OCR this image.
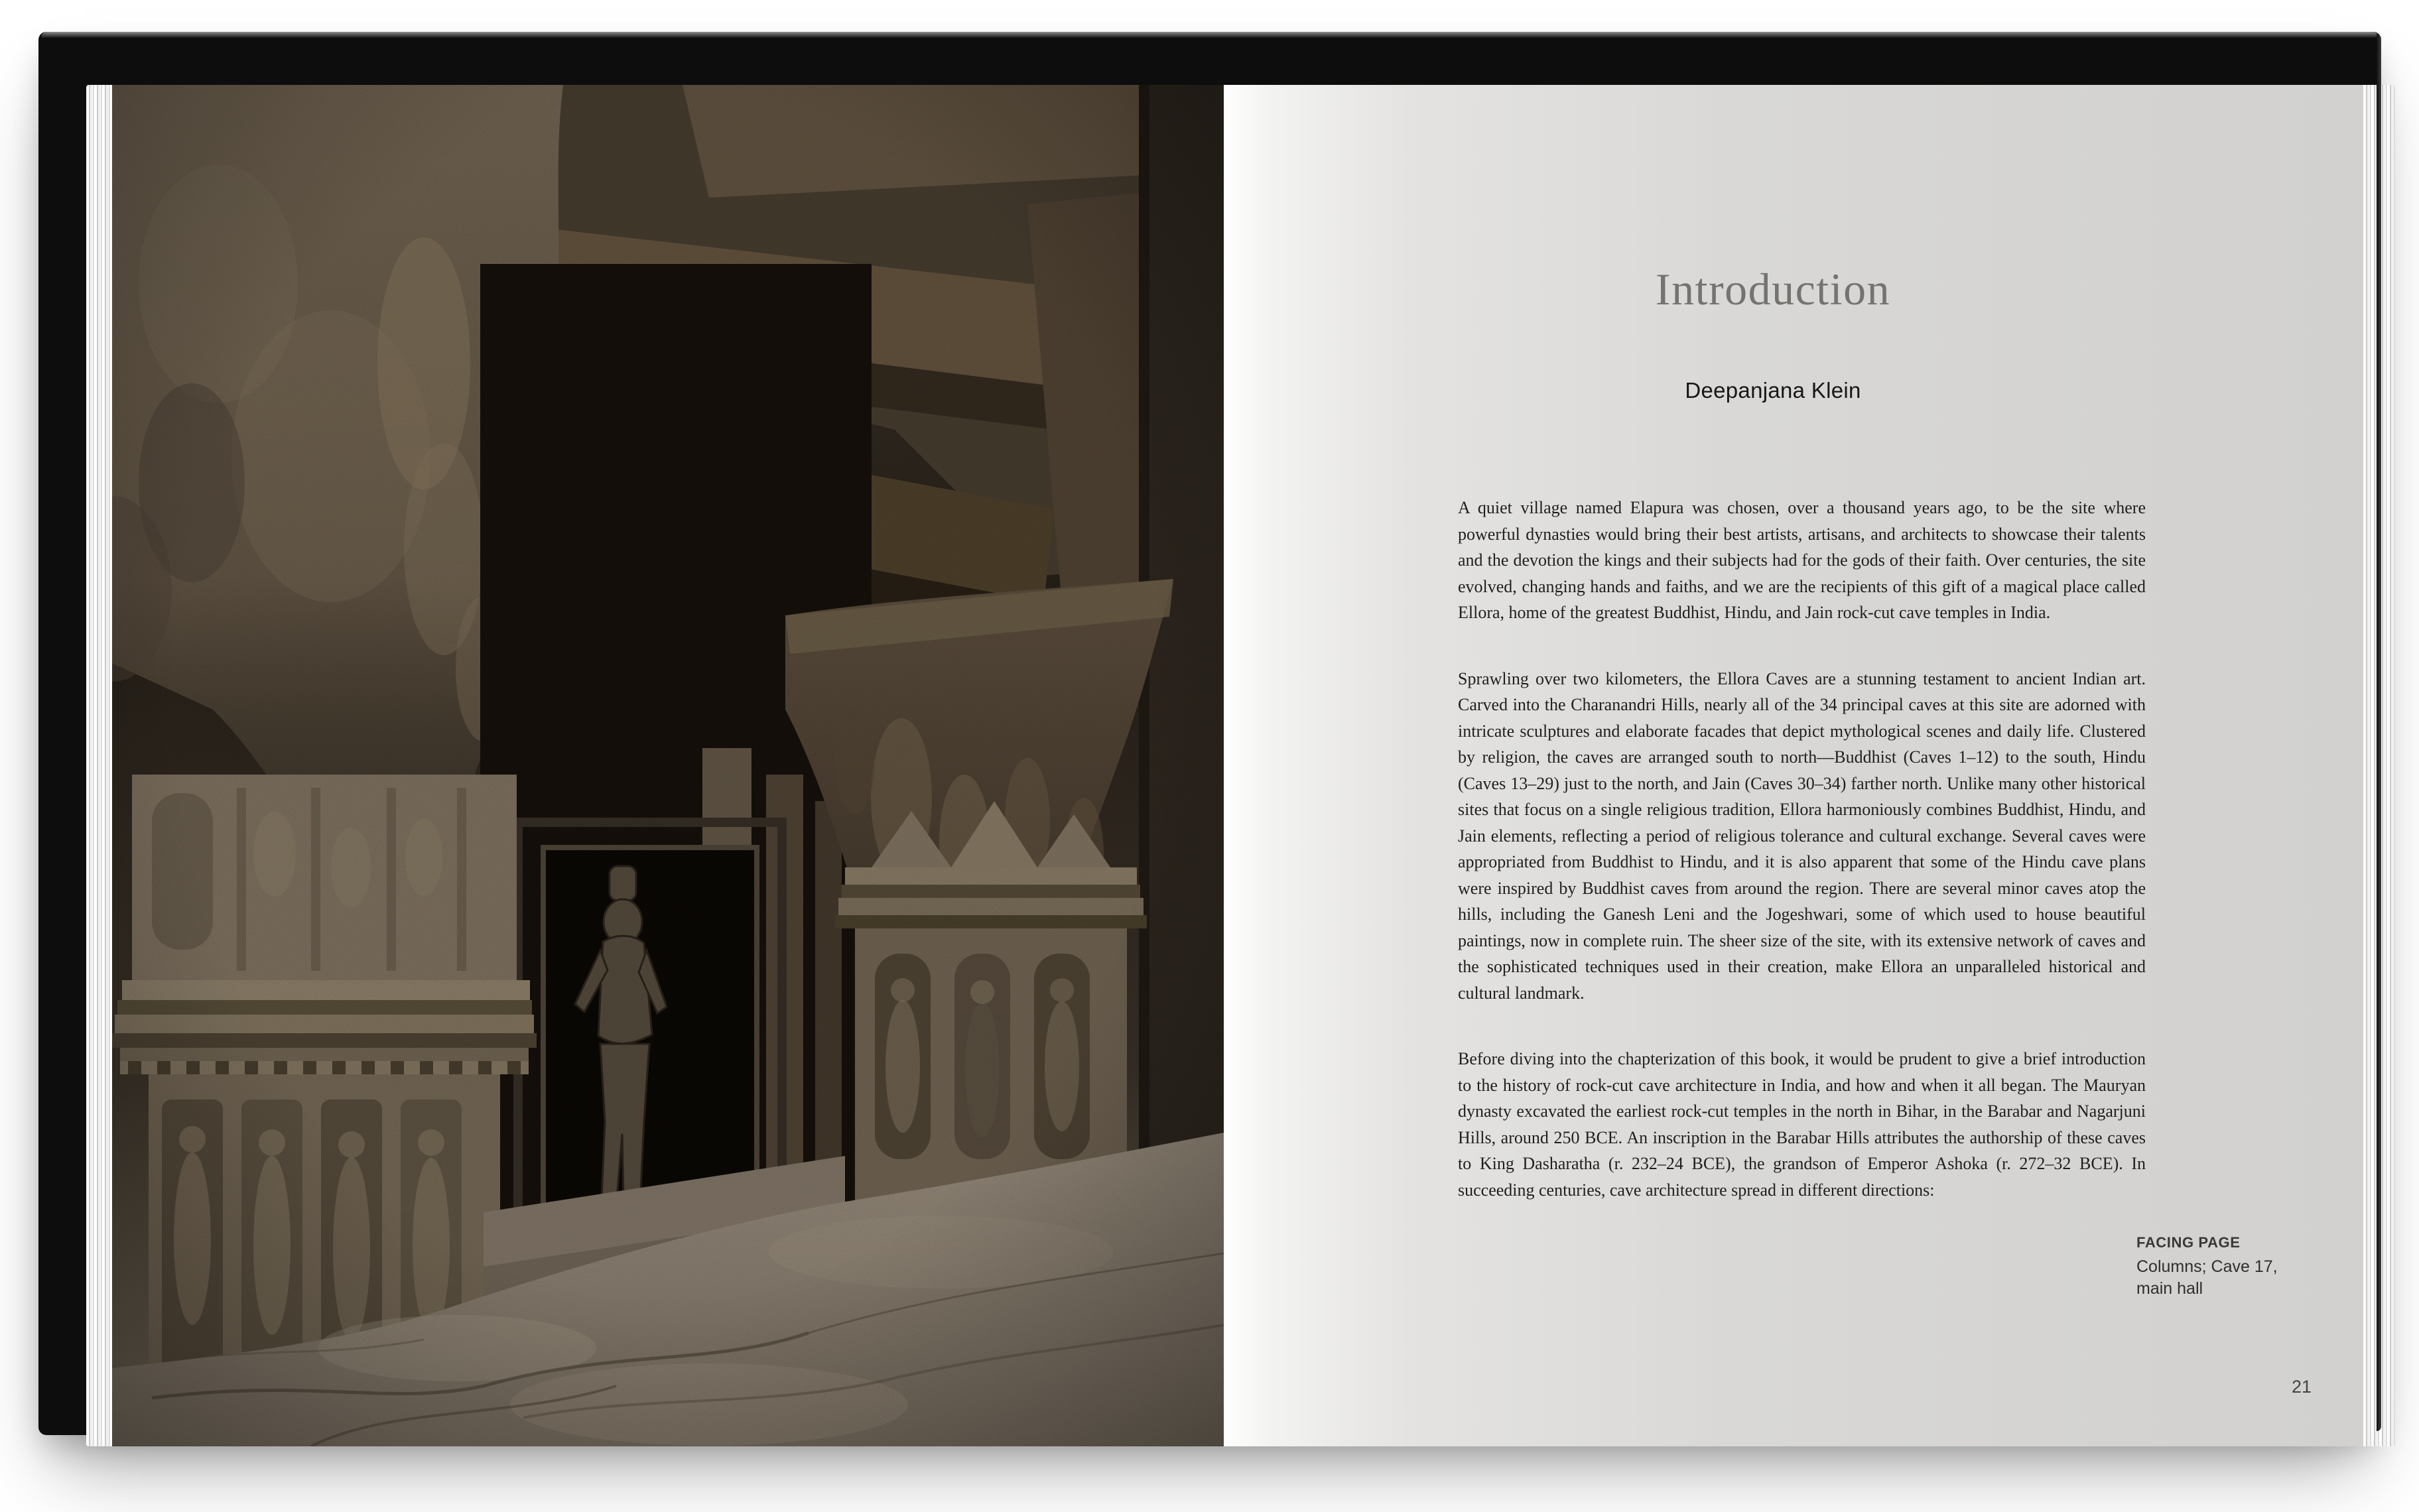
Introduction
Deepanjana Klein

A quiet village named Elapura was chosen, over a thousand years ago, to be the site where powerful dynasties would bring their best artists, artisans, and architects to showcase their talents and the devotion the kings and their subjects had for the gods of their faith. Over centuries, the site evolved, changing hands and faiths, and we are the recipients of this gift of a magical place called Ellora, home of the greatest Buddhist, Hindu, and Jain rock-cut cave temples in India.

Sprawling over two kilometers, the Ellora Caves are a stunning testament to ancient Indian art. Carved into the Charanandri Hills, nearly all of the 34 principal caves at this site are adorned with intricate sculptures and elaborate facades that depict mythological scenes and daily life. Clustered by religion, the caves are arranged south to north—Buddhist (Caves 1–12) to the south, Hindu (Caves 13–29) just to the north, and Jain (Caves 30–34) farther north. Unlike many other historical sites that focus on a single religious tradition, Ellora harmoniously combines Buddhist, Hindu, and Jain elements, reflecting a period of religious tolerance and cultural exchange. Several caves were appropriated from Buddhist to Hindu, and it is also apparent that some of the Hindu cave plans were inspired by Buddhist caves from around the region. There are several minor caves atop the hills, including the Ganesh Leni and the Jogeshwari, some of which used to house beautiful paintings, now in complete ruin. The sheer size of the site, with its extensive network of caves and the sophisticated techniques used in their creation, make Ellora an unparalleled historical and cultural landmark.

Before diving into the chapterization of this book, it would be prudent to give a brief introduction to the history of rock-cut cave architecture in India, and how and when it all began. The Mauryan dynasty excavated the earliest rock-cut temples in the north in Bihar, in the Barabar and Nagarjuni Hills, around 250 BCE. An inscription in the Barabar Hills attributes the authorship of these caves to King Dasharatha (r. 232–24 BCE), the grandson of Emperor Ashoka (r. 272–32 BCE). In succeeding centuries, cave architecture spread in different directions:

FACING PAGE
Columns; Cave 17,
main hall
21
